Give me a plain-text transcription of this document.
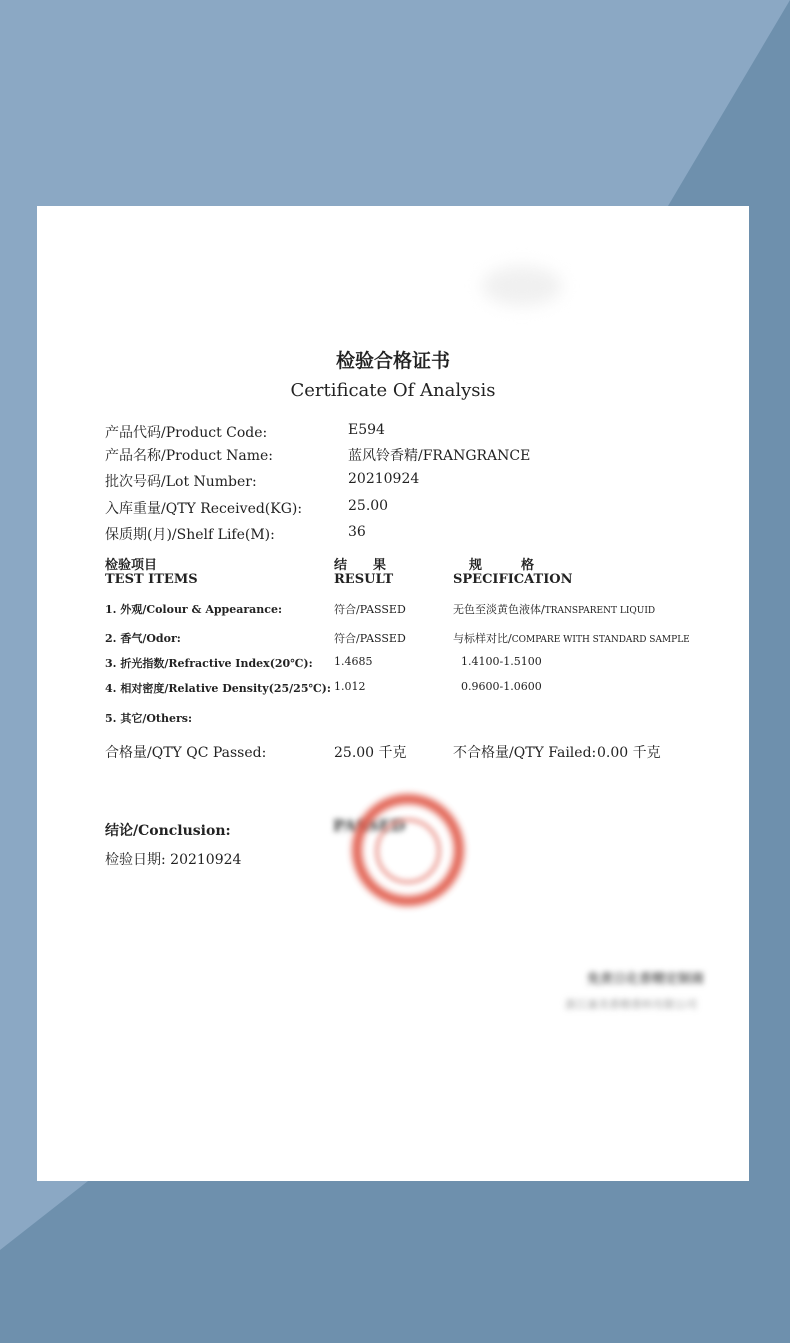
检验合格证书
Certificate Of Analysis
产品代码/Product Code:	E594
产品名称/Product Name:	蓝风铃香精/FRANGRANCE
批次号码/Lot Number:	20210924
入库重量/QTY Received(KG):	25.00
保质期(月)/Shelf Life(M):	36
检验项目
TEST ITEMS
结　　果
RESULT
规　　　格
SPECIFICATION
1. 外观/Colour & Appearance:	符合/PASSED	无色至淡黄色液体/TRANSPARENT LIQUID
2. 香气/Odor:	符合/PASSED	与标样对比/COMPARE WITH STANDARD SAMPLE
3. 折光指数/Refractive Index(20℃): 1.4685	1.4100-1.5100
4. 相对密度/Relative Density(25/25℃): 1.012	0.9600-1.0600
5. 其它/Others:
合格量/QTY QC Passed:	25.00 千克	不合格量/QTY Failed: 0.00 千克
结论/Conclusion:	PASSED
检验日期: 20210924
免责日化香精定制商
浙江康美香精香料有限公司
